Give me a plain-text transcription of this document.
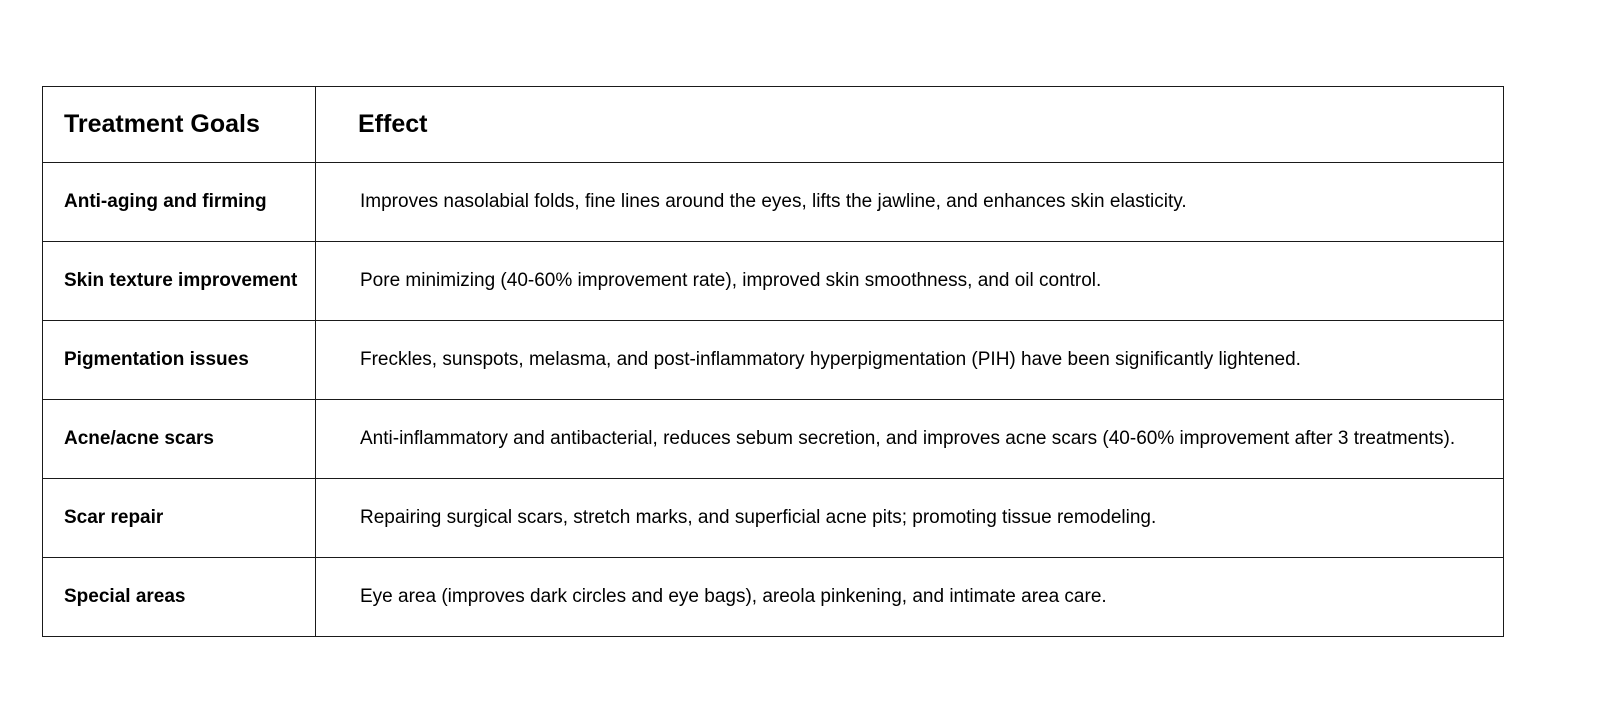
Treatment Goals	Effect
Anti-aging and firming	Improves nasolabial folds, fine lines around the eyes, lifts the jawline, and enhances skin elasticity.
Skin texture improvement	Pore minimizing (40-60% improvement rate), improved skin smoothness, and oil control.
Pigmentation issues	Freckles, sunspots, melasma, and post-inflammatory hyperpigmentation (PIH) have been significantly lightened.
Acne/acne scars	Anti-inflammatory and antibacterial, reduces sebum secretion, and improves acne scars (40-60% improvement after 3 treatments).
Scar repair	Repairing surgical scars, stretch marks, and superficial acne pits; promoting tissue remodeling.
Special areas	Eye area (improves dark circles and eye bags), areola pinkening, and intimate area care.
